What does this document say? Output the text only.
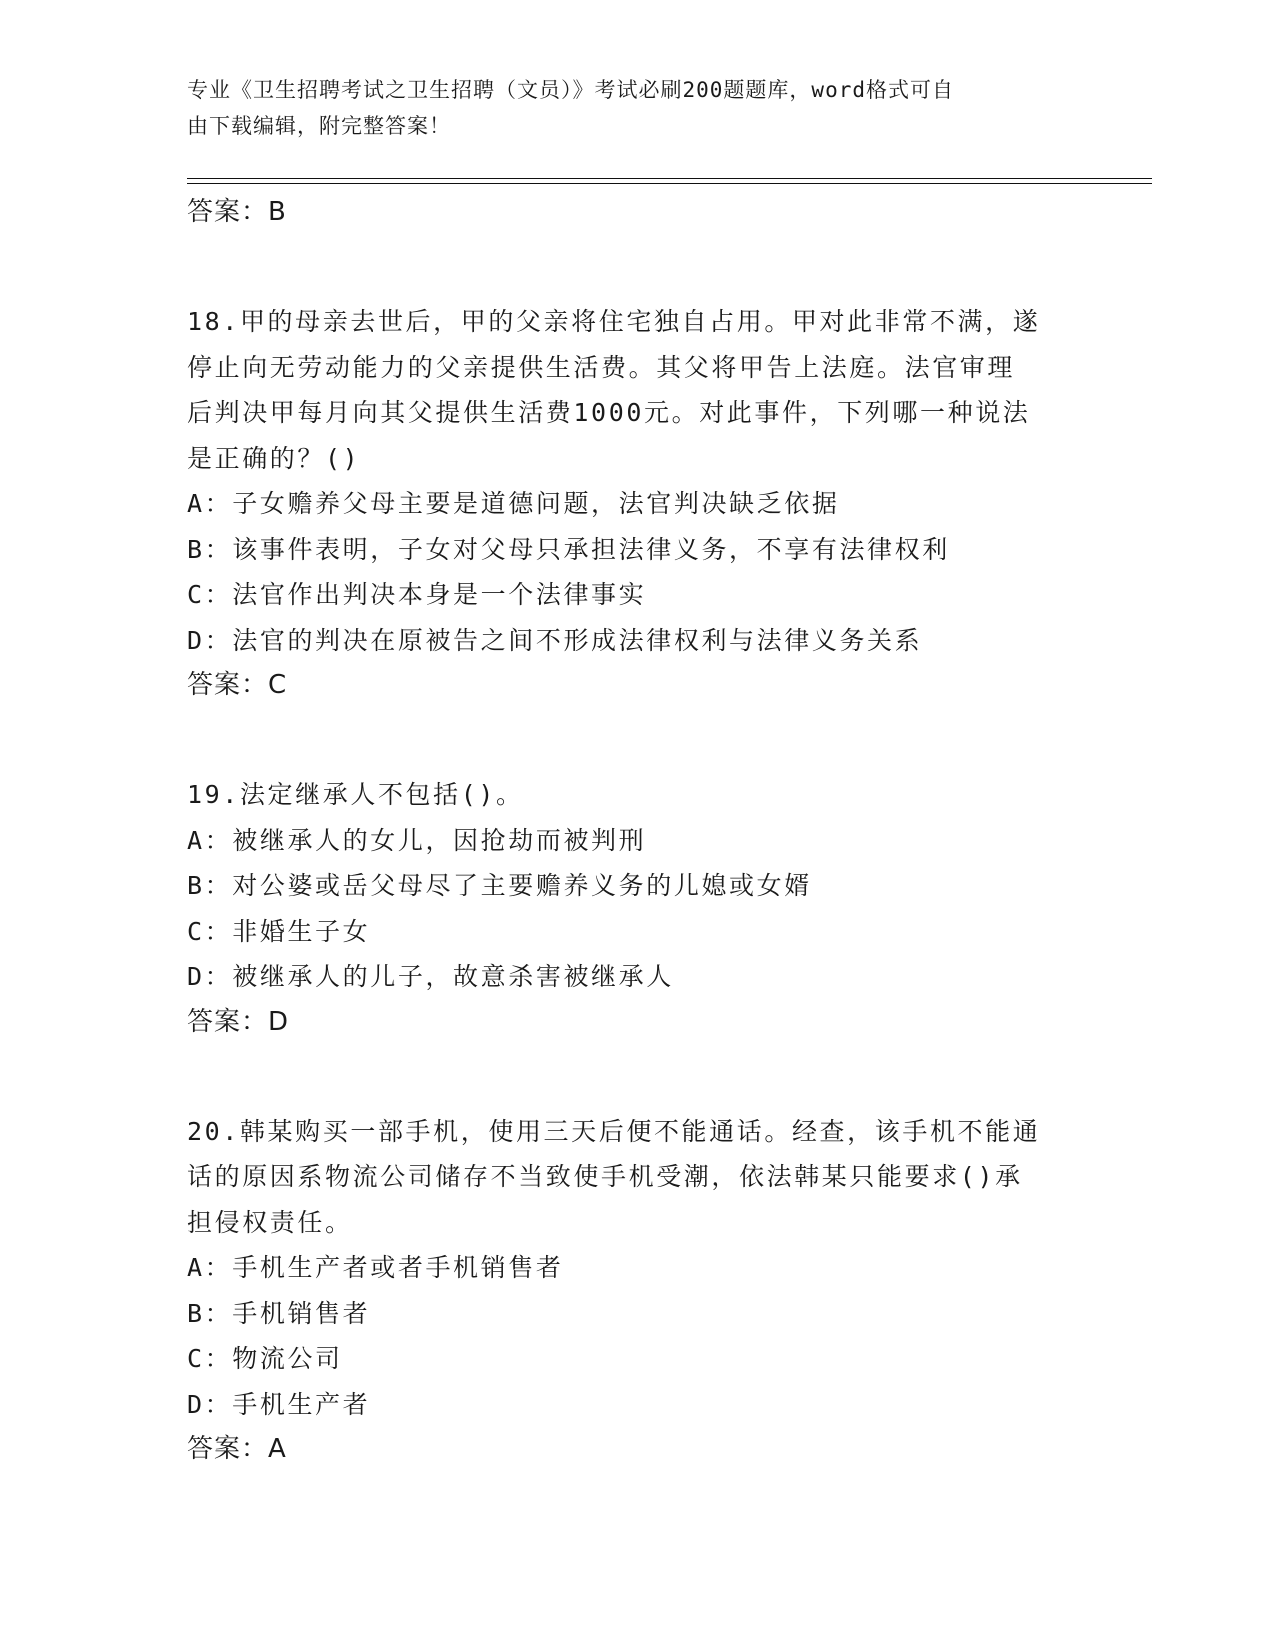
专业《卫生招聘考试之卫生招聘（文员）》考试必刷200题题库，word格式可自
由下载编辑，附完整答案！

答案：B

18.甲的母亲去世后，甲的父亲将住宅独自占用。甲对此非常不满，遂

停止向无劳动能力的父亲提供生活费。其父将甲告上法庭。法官审理

后判决甲每月向其父提供生活费1000元。对此事件，下列哪一种说法

是正确的？()

A：子女赡养父母主要是道德问题，法官判决缺乏依据

B：该事件表明，子女对父母只承担法律义务，不享有法律权利

C：法官作出判决本身是一个法律事实

D：法官的判决在原被告之间不形成法律权利与法律义务关系

答案：C

19.法定继承人不包括()。

A：被继承人的女儿，因抢劫而被判刑

B：对公婆或岳父母尽了主要赡养义务的儿媳或女婿

C：非婚生子女

D：被继承人的儿子，故意杀害被继承人

答案：D

20.韩某购买一部手机，使用三天后便不能通话。经查，该手机不能通

话的原因系物流公司储存不当致使手机受潮，依法韩某只能要求()承

担侵权责任。

A：手机生产者或者手机销售者

B：手机销售者

C：物流公司

D：手机生产者

答案：A
